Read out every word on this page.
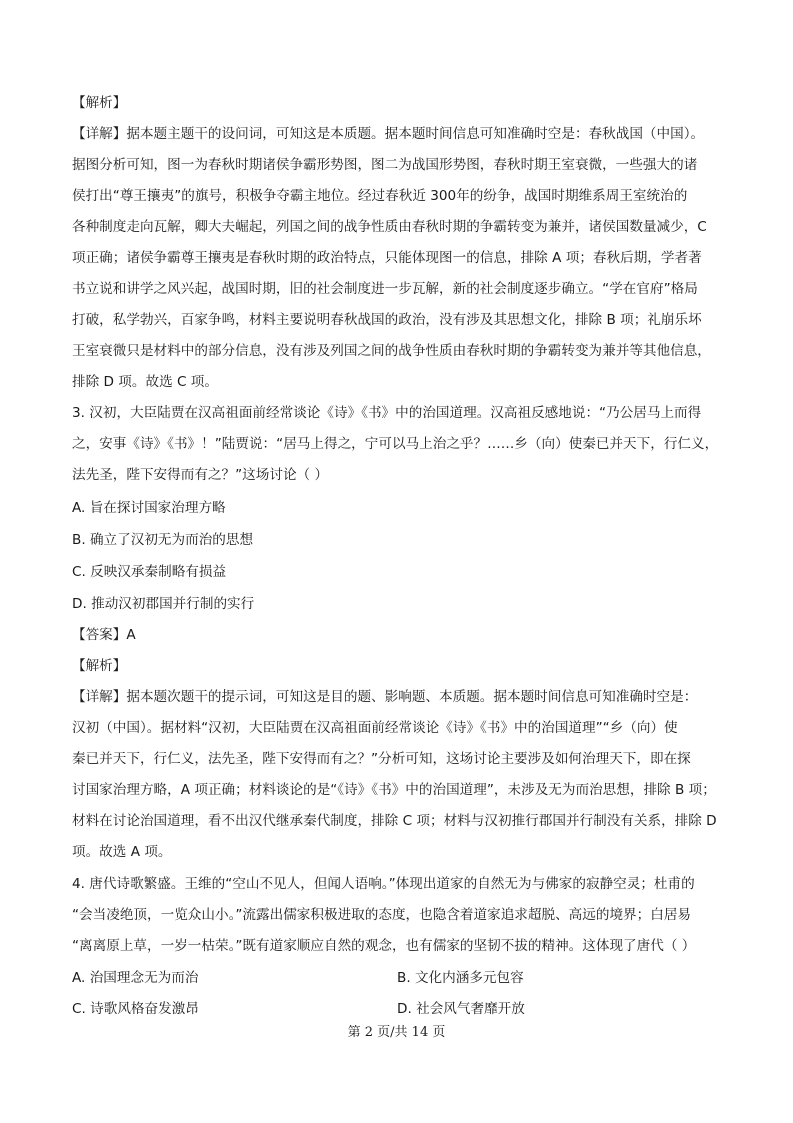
【解析】
【详解】据本题主题干的设问词，可知这是本质题。据本题时间信息可知准确时空是：春秋战国（中国）。
据图分析可知，图一为春秋时期诸侯争霸形势图，图二为战国形势图，春秋时期王室衰微，一些强大的诸
侯打出“尊王攘夷”的旗号，积极争夺霸主地位。经过春秋近 300年的纷争，战国时期维系周王室统治的
各种制度走向瓦解，卿大夫崛起，列国之间的战争性质由春秋时期的争霸转变为兼并，诸侯国数量减少，C
项正确；诸侯争霸尊王攘夷是春秋时期的政治特点，只能体现图一的信息，排除 A 项；春秋后期，学者著
书立说和讲学之风兴起，战国时期，旧的社会制度进一步瓦解，新的社会制度逐步确立。“学在官府”格局
打破，私学勃兴，百家争鸣，材料主要说明春秋战国的政治，没有涉及其思想文化，排除 B 项；礼崩乐坏
王室衰微只是材料中的部分信息，没有涉及列国之间的战争性质由春秋时期的争霸转变为兼并等其他信息，
排除 D 项。故选 C 项。
3. 汉初，大臣陆贾在汉高祖面前经常谈论《诗》《书》中的治国道理。汉高祖反感地说：“乃公居马上而得
之，安事《诗》《书》！”陆贾说：“居马上得之，宁可以马上治之乎？……乡（向）使秦已并天下，行仁义，
法先圣，陛下安得而有之？”这场讨论（ ）
A. 旨在探讨国家治理方略
B. 确立了汉初无为而治的思想
C. 反映汉承秦制略有损益
D. 推动汉初郡国并行制的实行
【答案】A
【解析】
【详解】据本题次题干的提示词，可知这是目的题、影响题、本质题。据本题时间信息可知准确时空是：
汉初（中国）。据材料“汉初，大臣陆贾在汉高祖面前经常谈论《诗》《书》中的治国道理”“乡（向）使
秦已并天下，行仁义，法先圣，陛下安得而有之？”分析可知，这场讨论主要涉及如何治理天下，即在探
讨国家治理方略，A 项正确；材料谈论的是“《诗》《书》中的治国道理”，未涉及无为而治思想，排除 B 项；
材料在讨论治国道理，看不出汉代继承秦代制度，排除 C 项；材料与汉初推行郡国并行制没有关系，排除 D
项。故选 A 项。
4. 唐代诗歌繁盛。王维的“空山不见人，但闻人语响。”体现出道家的自然无为与佛家的寂静空灵；杜甫的
“会当凌绝顶，一览众山小。”流露出儒家积极进取的态度，也隐含着道家追求超脱、高远的境界；白居易
“离离原上草，一岁一枯荣。”既有道家顺应自然的观念，也有儒家的坚韧不拔的精神。这体现了唐代（ ）
A. 治国理念无为而治	B. 文化内涵多元包容
C. 诗歌风格奋发激昂	D. 社会风气奢靡开放
第 2 页/共 14 页
